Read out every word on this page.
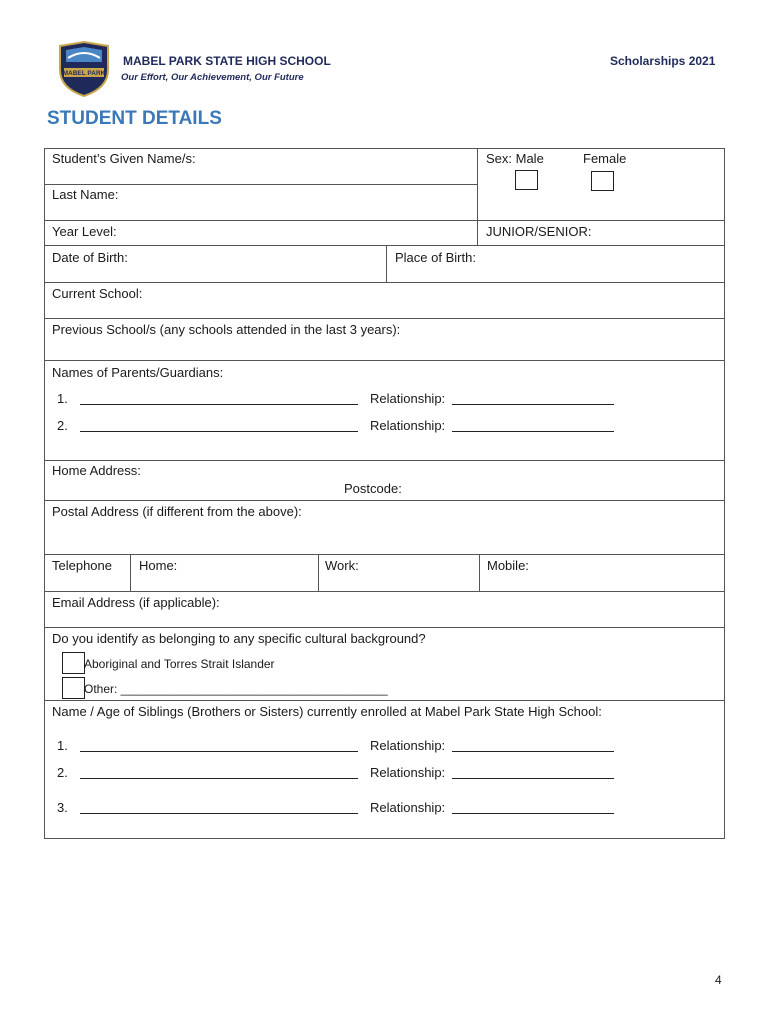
MABEL PARK
MABEL PARK STATE HIGH SCHOOL
Our Effort, Our Achievement, Our Future
Scholarships 2021
STUDENT DETAILS
Student’s Given Name/s:	Sex: Male	Female
Last Name:
Year Level:	JUNIOR/SENIOR:
Date of Birth:	Place of Birth:
Current School:
Previous School/s (any schools attended in the last 3 years):
Names of Parents/Guardians:
1.	Relationship:
2.	Relationship:
Home Address:
Postcode:
Postal Address (if different from the above):
Telephone Home:	Work:	Mobile:
Email Address (if applicable):
Do you identify as belonging to any specific cultural background?
Aboriginal and Torres Strait Islander
Other: ________________________________________
Name / Age of Siblings (Brothers or Sisters) currently enrolled at Mabel Park State High School:
1.	Relationship:
2.	Relationship:
3.	Relationship:
4
